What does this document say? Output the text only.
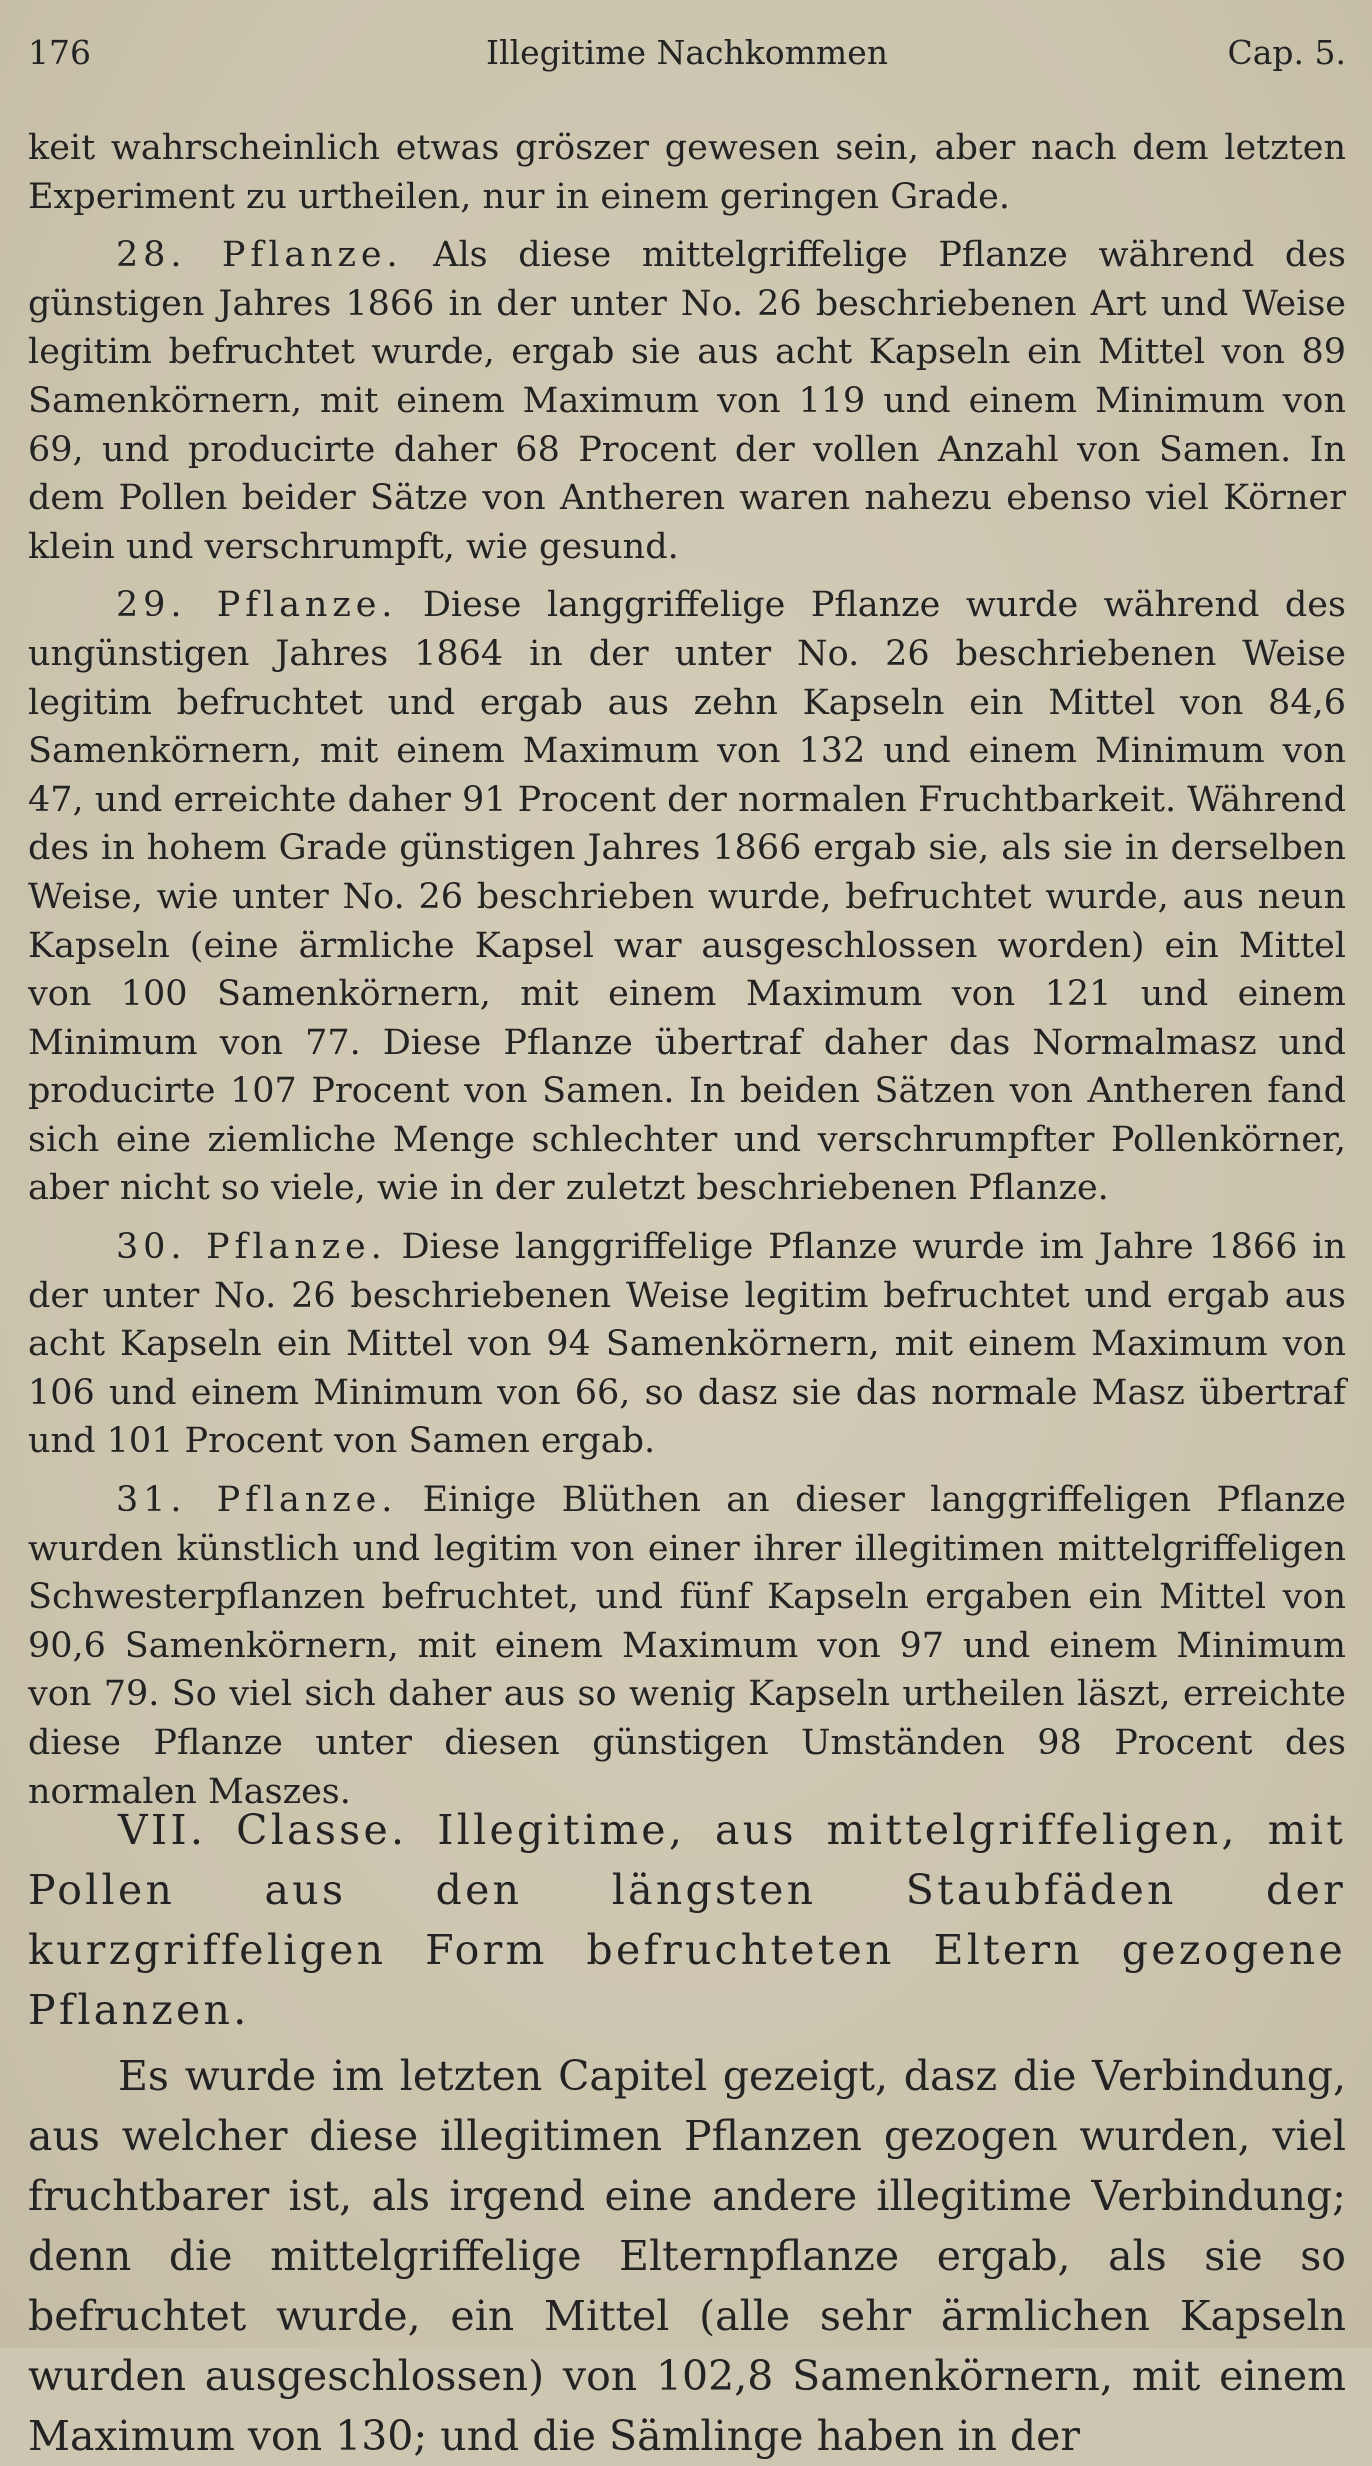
176	Illegitime Nachkommen	Cap. 5.

keit wahrscheinlich etwas gröszer gewesen sein, aber nach dem letzten Experiment zu urtheilen, nur in einem geringen Grade.

28. Pflanze. Als diese mittelgriffelige Pflanze während des günstigen Jahres 1866 in der unter No. 26 beschriebenen Art und Weise legitim befruchtet wurde, ergab sie aus acht Kapseln ein Mittel von 89 Samenkörnern, mit einem Maximum von 119 und einem Minimum von 69, und producirte daher 68 Procent der vollen Anzahl von Samen. In dem Pollen beider Sätze von Antheren waren nahezu ebenso viel Körner klein und verschrumpft, wie gesund.

29. Pflanze. Diese langgriffelige Pflanze wurde während des ungünstigen Jahres 1864 in der unter No. 26 beschriebenen Weise legitim befruchtet und ergab aus zehn Kapseln ein Mittel von 84,6 Samenkörnern, mit einem Maximum von 132 und einem Minimum von 47, und erreichte daher 91 Procent der normalen Fruchtbarkeit. Während des in hohem Grade günstigen Jahres 1866 ergab sie, als sie in derselben Weise, wie unter No. 26 beschrieben wurde, befruchtet wurde, aus neun Kapseln (eine ärmliche Kapsel war ausgeschlossen worden) ein Mittel von 100 Samenkörnern, mit einem Maximum von 121 und einem Minimum von 77. Diese Pflanze übertraf daher das Normalmasz und producirte 107 Procent von Samen. In beiden Sätzen von Antheren fand sich eine ziemliche Menge schlechter und verschrumpfter Pollenkörner, aber nicht so viele, wie in der zuletzt beschriebenen Pflanze.

30. Pflanze. Diese langgriffelige Pflanze wurde im Jahre 1866 in der unter No. 26 beschriebenen Weise legitim befruchtet und ergab aus acht Kapseln ein Mittel von 94 Samenkörnern, mit einem Maximum von 106 und einem Minimum von 66, so dasz sie das normale Masz übertraf und 101 Procent von Samen ergab.

31. Pflanze. Einige Blüthen an dieser langgriffeligen Pflanze wurden künstlich und legitim von einer ihrer illegitimen mittelgriffeligen Schwesterpflanzen befruchtet, und fünf Kapseln ergaben ein Mittel von 90,6 Samenkörnern, mit einem Maximum von 97 und einem Minimum von 79. So viel sich daher aus so wenig Kapseln urtheilen läszt, erreichte diese Pflanze unter diesen günstigen Umständen 98 Procent des normalen Maszes.

VII. Classe. Illegitime, aus mittelgriffeligen, mit Pollen aus den längsten Staubfäden der kurzgriffeligen Form befruchteten Eltern gezogene Pflanzen.

Es wurde im letzten Capitel gezeigt, dasz die Verbindung, aus welcher diese illegitimen Pflanzen gezogen wurden, viel fruchtbarer ist, als irgend eine andere illegitime Verbindung; denn die mittelgriffelige Elternpflanze ergab, als sie so befruchtet wurde, ein Mittel (alle sehr ärmlichen Kapseln wurden ausgeschlossen) von 102,8 Samenkörnern, mit einem Maximum von 130; und die Sämlinge haben in der
